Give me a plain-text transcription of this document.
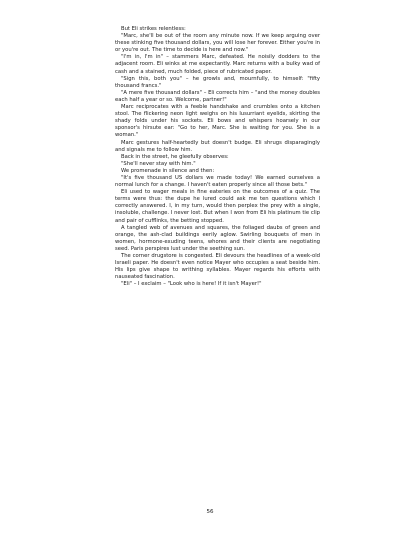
But Eli strikes relentless:

"Marc, she'll be out of the room any minute now. If we keep arguing over these stinking five thousand dollars, you will lose her forever. Either you're in or you're out. The time to decide is here and now."

"I'm in, I'm in" – stammers Marc, defeated. He noisily dodders to the adjacent room. Eli winks at me expectantly. Marc returns with a bulky wad of cash and a stained, much folded, piece of rubricated paper.

"Sign this, both you" – he growls and, mournfully, to himself: "fifty thousand francs."

"A mere five thousand dollars" – Eli corrects him – "and the money doubles each half a year or so. Welcome, partner!"

Marc reciprocates with a feeble handshake and crumbles onto a kitchen stool. The flickering neon light weighs on his lusurriant eyelids, skirting the shady folds under his sockets. Eli bows and whispers hoarsely in our sponsor's hirsute ear: "Go to her, Marc. She is waiting for you. She is a woman."

Marc gestures half-heartedly but doesn't budge. Eli shrugs disparagingly and signals me to follow him.

Back in the street, he gleefully observes:

"She'll never stay with him."

We promenade in silence and then:

"It's five thousand US dollars we made today! We earned ourselves a normal lunch for a change. I haven't eaten properly since all those bets."

Eli used to wager meals in fine eateries on the outcomes of a quiz. The terms were thus: the dupe he lured could ask me ten questions which I correctly answered. I, in my turn, would then perplex the prey with a single, insoluble, challenge. I never lost. But when I won from Eli his platinum tie clip and pair of cufflinks, the betting stopped.

A tangled web of avenues and squares, the foliaged daubs of green and orange, the ash-clad buildings eerily aglow. Swirling bouquets of men in women, hormone-exuding teens, whores and their clients are negotiating seed. Paris perspires lust under the seething sun.

The corner drugstore is congested. Eli devours the headlines of a week-old Israeli paper. He doesn't even notice Mayer who occupies a seat beside him. His lips give shape to writhing syllables. Mayer regards his efforts with nauseated fascination.

"Eli" – I exclaim – "Look who is here! If it isn't Mayer!"

56
